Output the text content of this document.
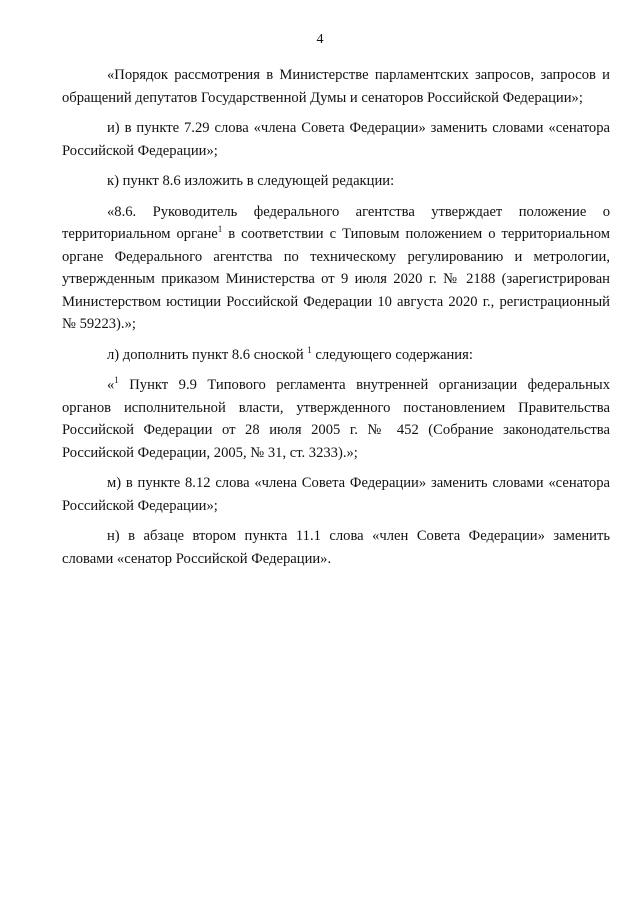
4

«Порядок рассмотрения в Министерстве парламентских запросов, запросов и обращений депутатов Государственной Думы и сенаторов Российской Федерации»;

и) в пункте 7.29 слова «члена Совета Федерации» заменить словами «сенатора Российской Федерации»;

к) пункт 8.6 изложить в следующей редакции:

«8.6. Руководитель федерального агентства утверждает положение о территориальном органе$^1$ в соответствии с Типовым положением о территориальном органе Федерального агентства по техническому регулированию и метрологии, утвержденным приказом Министерства от 9 июля 2020 г. № 2188 (зарегистрирован Министерством юстиции Российской Федерации 10 августа 2020 г., регистрационный № 59223).»;

л) дополнить пункт 8.6 сноской $^1$ следующего содержания:

«$^1$ Пункт 9.9 Типового регламента внутренней организации федеральных органов исполнительной власти, утвержденного постановлением Правительства Российской Федерации от 28 июля 2005 г. № 452 (Собрание законодательства Российской Федерации, 2005, № 31, ст. 3233).»;

м) в пункте 8.12 слова «члена Совета Федерации» заменить словами «сенатора Российской Федерации»;

н) в абзаце втором пункта 11.1 слова «член Совета Федерации» заменить словами «сенатор Российской Федерации».
